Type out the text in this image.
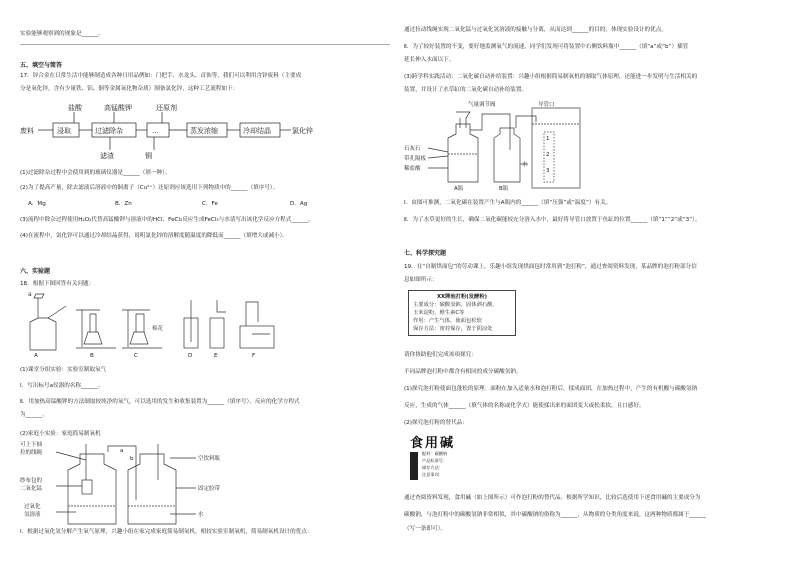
实验能够观察到的现象是______。
五、填空与简答
17．锌合金在日常生活中能够制造成各种日用品例如：门把手、水龙头、首饰等，我们可以利用含锌废料（主要成
分是氧化锌，含有少量铁、铝、铜等金属氧化物杂质）制备氯化锌，这种工艺流程如下：
盐酸	高锰酸钾	还原剂
废料	氯化锌
滤渣	铜
浸取	过滤除杂	…	蒸发浓缩	冷却结晶
(1)过滤除杂过程中会使用到的玻璃仪器是______（填一种）。
(2)为了提高产量，除去滤液后溶液中的铜离子（Cu²⁺）还原剂应该选用下列物质中的______（填序号）。
A．Mg	B．Zn	C．Fe	D．Ag
(3)流程中除杂过程使用H₂O₂代替高锰酸钾与溶液中的HCl、FeCl₂反应生成FeCl₃与水请写出该化学反应方程式______。
(4)在流程中，氯化锌可以通过冷却结晶获得，说明氯化锌的溶解度随温度的降低而______（填增大或减小）。
六、实验题
18．根据下图回答有关问题：
a
棉花
A	B	C	D	E	F
(1)课堂分组实验：实验室制取氧气
Ⅰ．写出标号a仪器的名称______。
Ⅱ．用加热高锰酸钾的方法制取较纯净的氧气，可以选用的发生和收集装置为______（填序号），反应的化学方程式
为______。
(2)家庭小实验：家庭简易制氧机
可上下抽
拉的线绳
纱布包的
二氧化锰
过氧化
氢溶液
空饮料瓶
固定胶带
水
a
b
Ⅰ．根据过氧化氢分解产生氧气原理，兴趣小组在家完成家庭简易制氧机。相较实验室制氧机，简易制氧机设计的优点：
通过拉动线绳实现二氧化锰与过氧化氢溶液的接触与分离，从而达到______的目的，体现实验设计的优点。
Ⅱ．为了较好装置的不变，要好地监测氧气的流速，同学们发现可将装置中右侧饮料瓶中______（填“a”或“b”）插管
延长伸入水面以下。
(3)跨学科实践活动：二氧化碳自动补给装置：兴趣小组根据简易制氧机的制取气体原理，还能进一步发明与生活相关的
装置，并设计了水草缸的二氧化碳自动补给装置。
气量调节阀	导管口
石灰石
带孔隔板
稀盐酸
A瓶	B瓶
水
1
2
3
Ⅰ．由图可推测，二氧化碳在装置产生与A瓶内的______（填“压强”或“温度”）有关。
Ⅱ．为了水草更好的生长，确保二氧化碳能较充分溶入水中，最好将导管口放置于鱼缸的位置______（填“1”“2”或“3”）。
七、科学探究题
19．在“自制烘面包”的劳动课上，乐趣小组发现烘面包时常用到“泡打粉”，通过查阅资料发现，某品牌的泡打粉部分信
息如图所示：
XX牌泡打粉(发酵粉)
主要成分：碳酸氢钠、固体酒石酸、
玉米淀粉，维生素C等
作用：产生气体，使面包松软
保存方法：密封保存，置于阴凉处
请你协助他们完成该项探究：
不同品牌泡打粉中都含有相同的成分碳酸氢钠。
(1)探究泡打粉使面包蓬松的原理：面粉在加入适量水和泡打粉后，揉成面团，在加热过程中，产生的有机酸与碳酸氢钠
反应，生成的气体______（填气体的名称或化学式）能使揉出来的面团变大或松柔软，且口感好。
(2)探究泡打粉的替代品：
食用碱
配料：碳酸钠
产品标准号：
储存方法：
注意事项：
通过查阅资料发现，食用碱（如上图所示）可作泡打粉的替代品。根据所学知识，比较后选使用下述食用碱的主要成分为
碳酸钠，与泡打粉中的碳酸氢钠非常相似，其中碳酸钠的俗称为______，从物质的分类角度来说，这两种物质都属于______
（写一条即可）。
